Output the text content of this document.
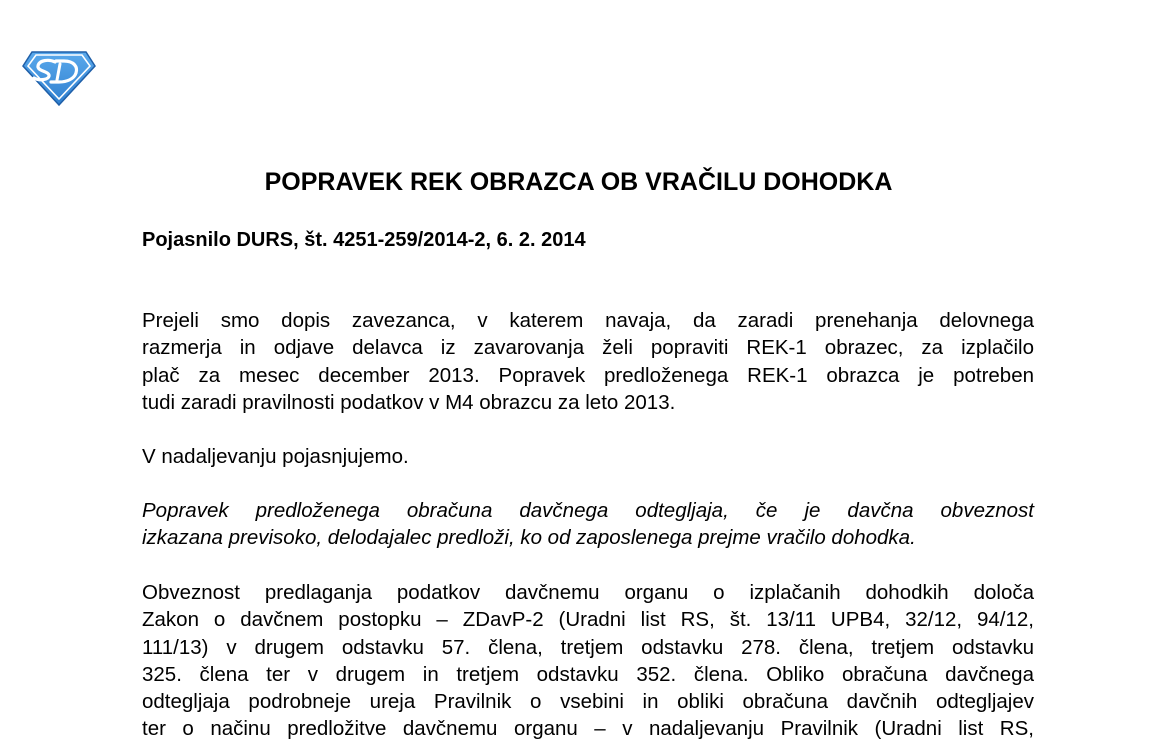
POPRAVEK REK OBRAZCA OB VRAČILU DOHODKA

Pojasnilo DURS, št. 4251-259/2014-2, 6. 2. 2014

Prejeli smo dopis zavezanca, v katerem navaja, da zaradi prenehanja delovnega
razmerja in odjave delavca iz zavarovanja želi popraviti REK-1 obrazec, za izplačilo
plač za mesec december 2013. Popravek predloženega REK-1 obrazca je potreben
tudi zaradi pravilnosti podatkov v M4 obrazcu za leto 2013.
V nadaljevanju pojasnjujemo.
Popravek predloženega obračuna davčnega odtegljaja, če je davčna obveznost
izkazana previsoko, delodajalec predloži, ko od zaposlenega prejme vračilo dohodka.
Obveznost predlaganja podatkov davčnemu organu o izplačanih dohodkih določa
Zakon o davčnem postopku – ZDavP-2 (Uradni list RS, št. 13/11 UPB4, 32/12, 94/12,
111/13) v drugem odstavku 57. člena, tretjem odstavku 278. člena, tretjem odstavku
325. člena ter v drugem in tretjem odstavku 352. člena. Obliko obračuna davčnega
odtegljaja podrobneje ureja Pravilnik o vsebini in obliki obračuna davčnih odtegljajev
ter o načinu predložitve davčnemu organu – v nadaljevanju Pravilnik (Uradni list RS,
